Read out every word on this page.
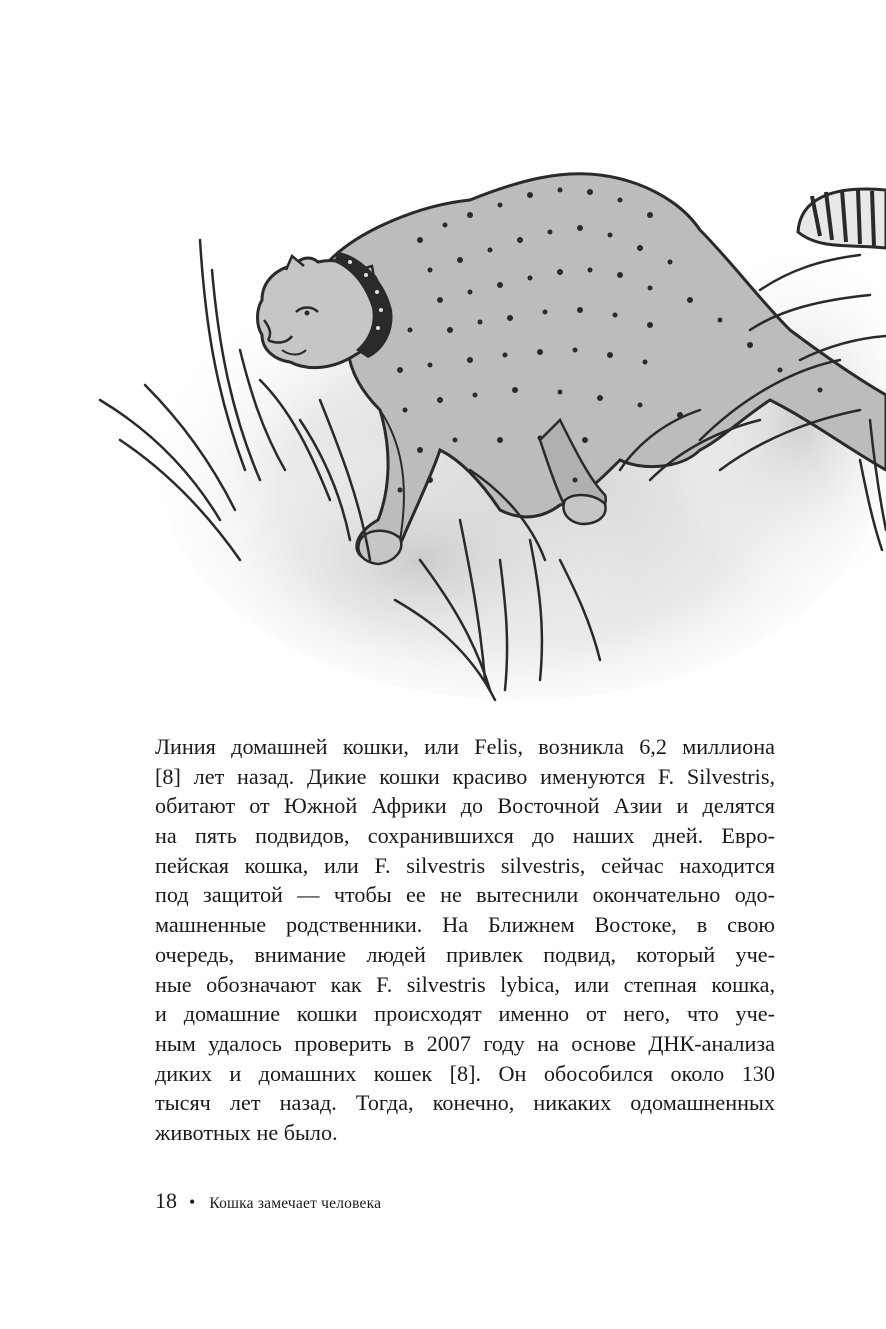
Линия домашней кошки, или Felis, возникла 6,2 миллиона
[8] лет назад. Дикие кошки красиво именуются F. Silvestris,
обитают от Южной Африки до Восточной Азии и делятся
на пять подвидов, сохранившихся до наших дней. Евро-
пейская кошка, или F. silvestris silvestris, сейчас находится
под защитой — чтобы ее не вытеснили окончательно одо-
машненные родственники. На Ближнем Востоке, в свою
очередь, внимание людей привлек подвид, который уче-
ные обозначают как F. silvestris lybica, или степная кошка,
и домашние кошки происходят именно от него, что уче-
ным удалось проверить в 2007 году на основе ДНК-анализа
диких и домашних кошек [8]. Он обособился около 130
тысяч лет назад. Тогда, конечно, никаких одомашненных
животных не было.
18 • Кошка замечает человека
